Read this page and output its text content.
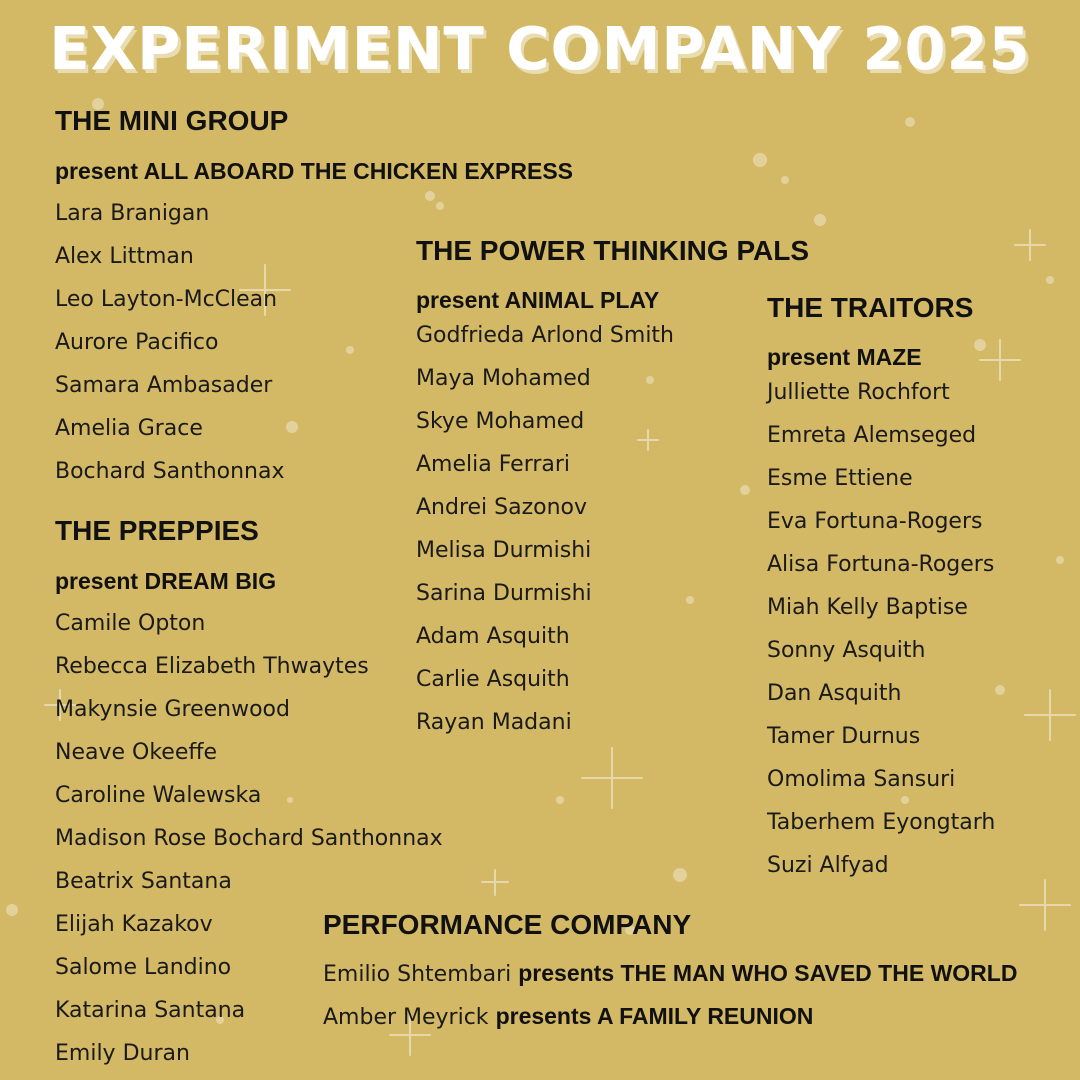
EXPERIMENT COMPANY 2025
THE MINI GROUP
present ALL ABOARD THE CHICKEN EXPRESS
Lara Branigan
Alex Littman
Leo Layton-McClean
Aurore Pacifico
Samara Ambasader
Amelia Grace
Bochard Santhonnax
THE PREPPIES
present DREAM BIG
Camile Opton
Rebecca Elizabeth Thwaytes
Makynsie Greenwood
Neave Okeeffe
Caroline Walewska
Madison Rose Bochard Santhonnax
Beatrix Santana
Elijah Kazakov
Salome Landino
Katarina Santana
Emily Duran
THE POWER THINKING PALS
present ANIMAL PLAY
Godfrieda Arlond Smith
Maya Mohamed
Skye Mohamed
Amelia Ferrari
Andrei Sazonov
Melisa Durmishi
Sarina Durmishi
Adam Asquith
Carlie Asquith
Rayan Madani
THE TRAITORS
present MAZE
Julliette Rochfort
Emreta Alemseged
Esme Ettiene
Eva Fortuna-Rogers
Alisa Fortuna-Rogers
Miah Kelly Baptise
Sonny Asquith
Dan Asquith
Tamer Durnus
Omolima Sansuri
Taberhem Eyongtarh
Suzi Alfyad
PERFORMANCE COMPANY
Emilio Shtembari presents THE MAN WHO SAVED THE WORLD
Amber Meyrick presents A FAMILY REUNION
